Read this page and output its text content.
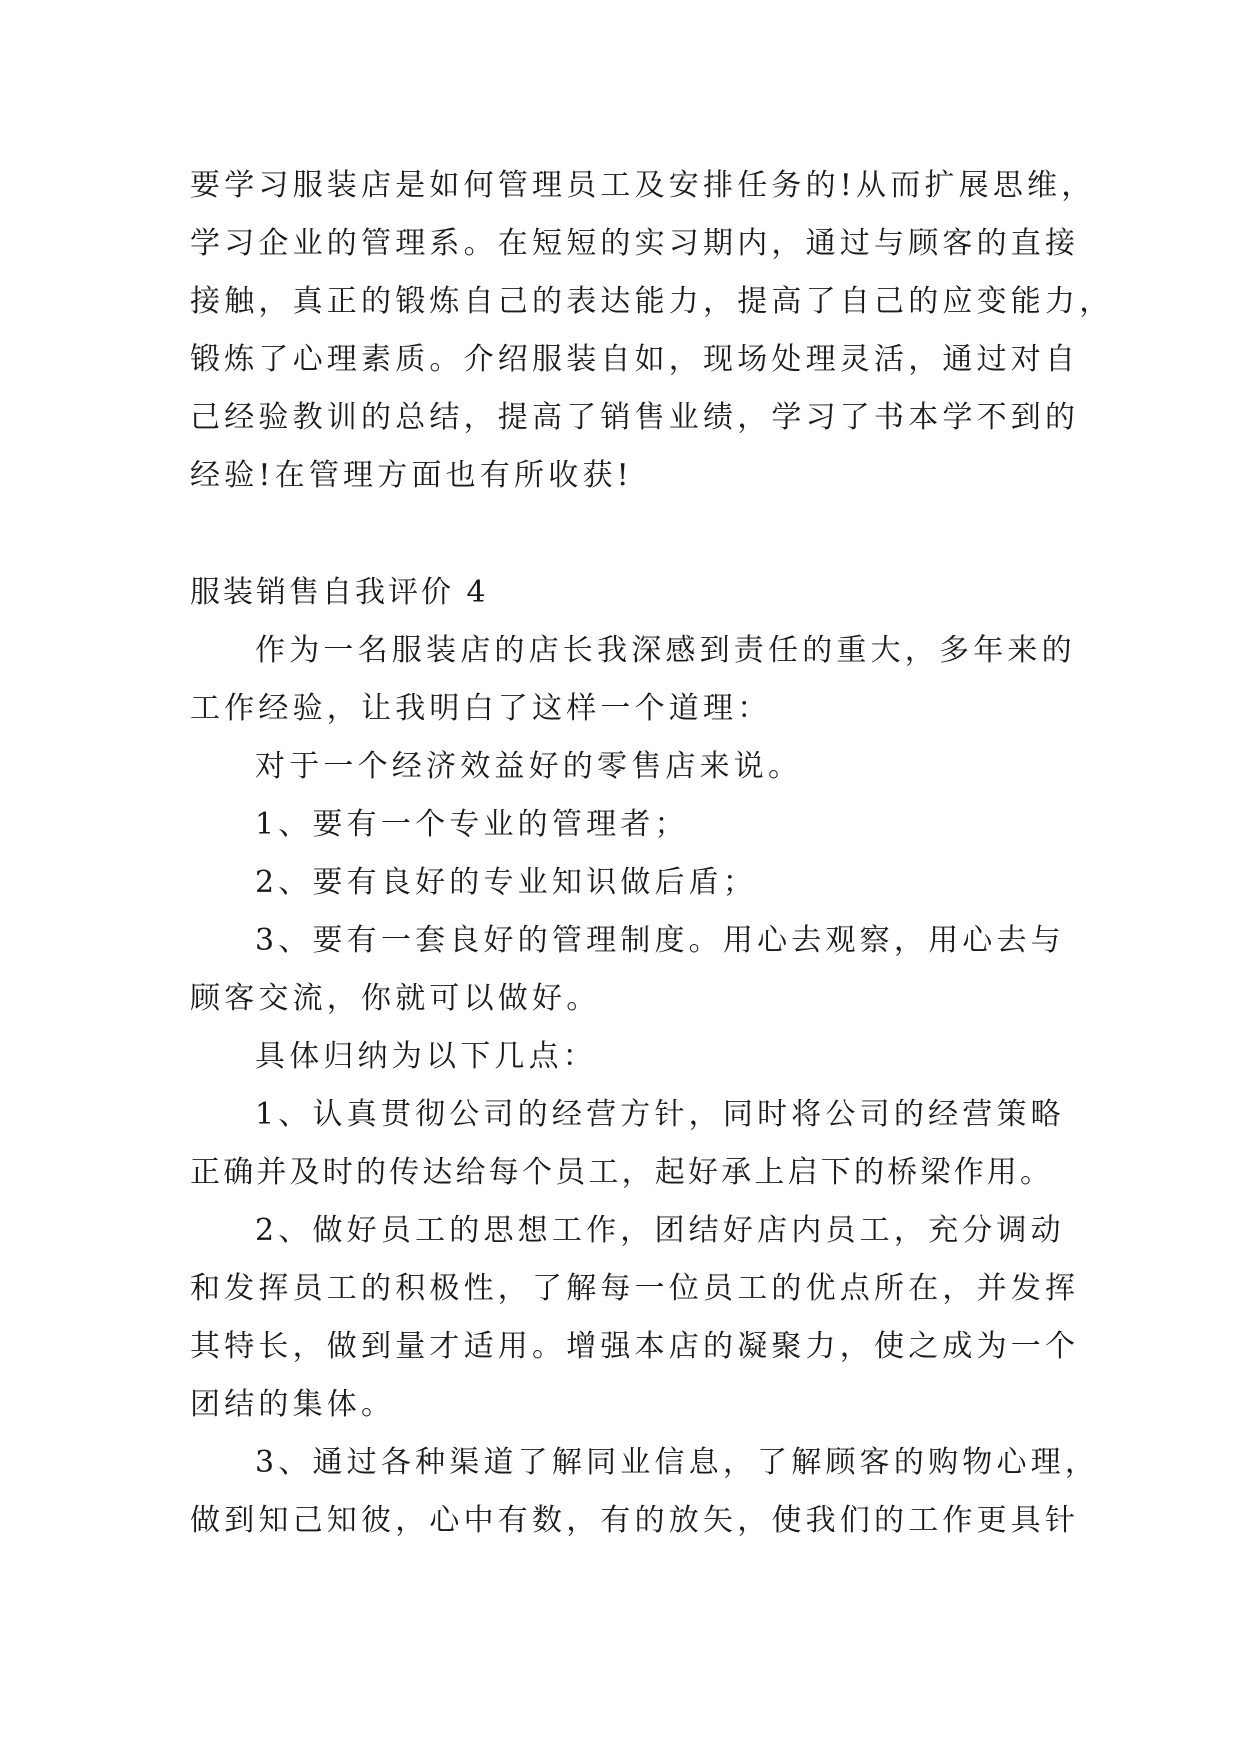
要学习服装店是如何管理员工及安排任务的!从而扩展思维，
学习企业的管理系。在短短的实习期内，通过与顾客的直接
接触，真正的锻炼自己的表达能力，提高了自己的应变能力，
锻炼了心理素质。介绍服装自如，现场处理灵活，通过对自
己经验教训的总结，提高了销售业绩，学习了书本学不到的
经验!在管理方面也有所收获!
服装销售自我评价 4
作为一名服装店的店长我深感到责任的重大，多年来的
工作经验，让我明白了这样一个道理：
对于一个经济效益好的零售店来说。
1、要有一个专业的管理者；
2、要有良好的专业知识做后盾；
3、要有一套良好的管理制度。用心去观察，用心去与
顾客交流，你就可以做好。
具体归纳为以下几点：
1、认真贯彻公司的经营方针，同时将公司的经营策略
正确并及时的传达给每个员工，起好承上启下的桥梁作用。
2、做好员工的思想工作，团结好店内员工，充分调动
和发挥员工的积极性，了解每一位员工的优点所在，并发挥
其特长，做到量才适用。增强本店的凝聚力，使之成为一个
团结的集体。
3、通过各种渠道了解同业信息，了解顾客的购物心理，
做到知己知彼，心中有数，有的放矢，使我们的工作更具针
